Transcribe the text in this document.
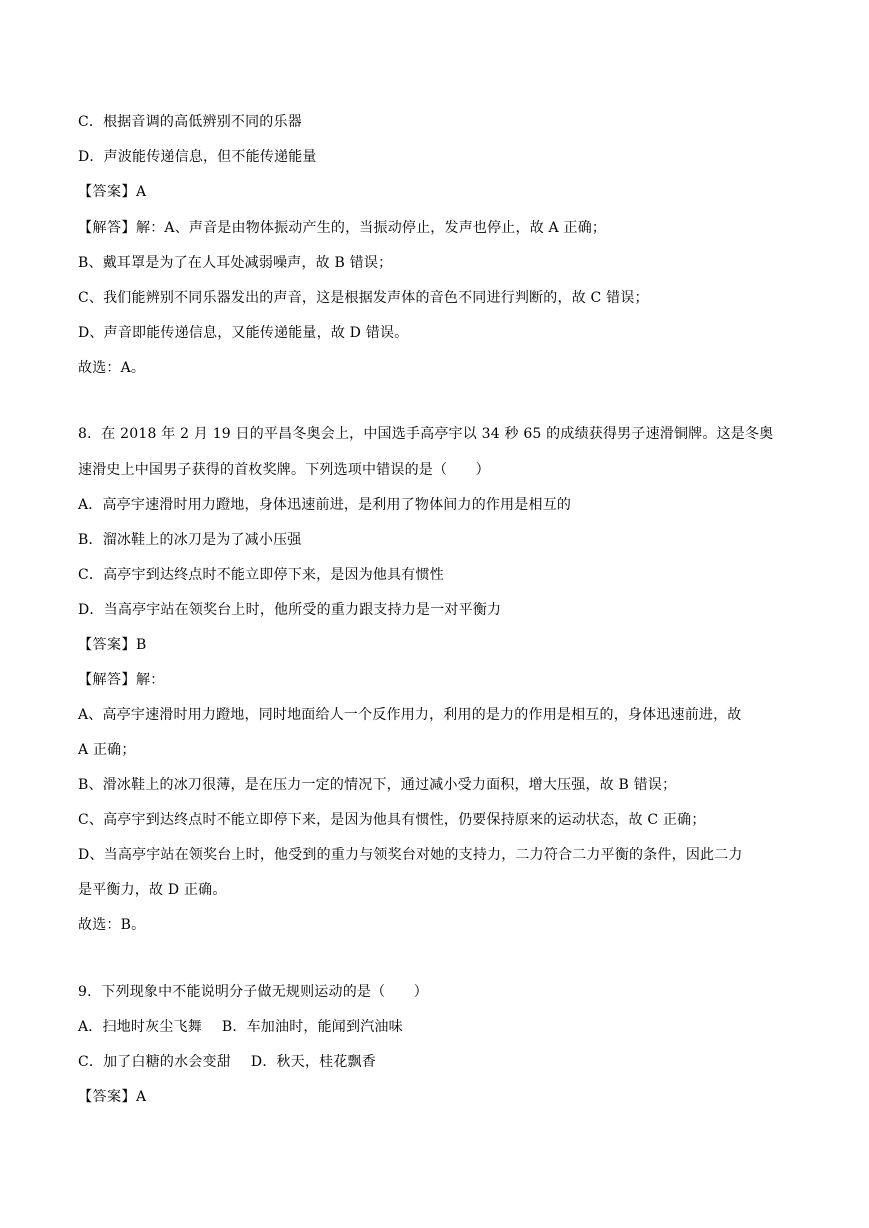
C．根据音调的高低辨别不同的乐器
D．声波能传递信息，但不能传递能量
【答案】A
【解答】解：A、声音是由物体振动产生的，当振动停止，发声也停止，故 A 正确；
B、戴耳罩是为了在人耳处减弱噪声，故 B 错误；
C、我们能辨别不同乐器发出的声音，这是根据发声体的音色不同进行判断的，故 C 错误；
D、声音即能传递信息，又能传递能量，故 D 错误。
故选：A。
8．在 2018 年 2 月 19 日的平昌冬奥会上，中国选手高亭宇以 34 秒 65 的成绩获得男子速滑铜牌。这是冬奥
速滑史上中国男子获得的首枚奖牌。下列选项中错误的是（　　）
A．高亭宇速滑时用力蹬地，身体迅速前进，是利用了物体间力的作用是相互的
B．溜冰鞋上的冰刀是为了减小压强
C．高亭宇到达终点时不能立即停下来，是因为他具有惯性
D．当高亭宇站在领奖台上时，他所受的重力跟支持力是一对平衡力
【答案】B
【解答】解：
A、高亭宇速滑时用力蹬地，同时地面给人一个反作用力，利用的是力的作用是相互的，身体迅速前进，故
A 正确；
B、滑冰鞋上的冰刀很薄，是在压力一定的情况下，通过减小受力面积，增大压强，故 B 错误；
C、高亭宇到达终点时不能立即停下来，是因为他具有惯性，仍要保持原来的运动状态，故 C 正确；
D、当高亭宇站在领奖台上时，他受到的重力与领奖台对她的支持力，二力符合二力平衡的条件，因此二力
是平衡力，故 D 正确。
故选：B。
9．下列现象中不能说明分子做无规则运动的是（　　）
A．扫地时灰尘飞舞 B．车加油时，能闻到汽油味
C．加了白糖的水会变甜 D．秋天，桂花飘香
【答案】A
